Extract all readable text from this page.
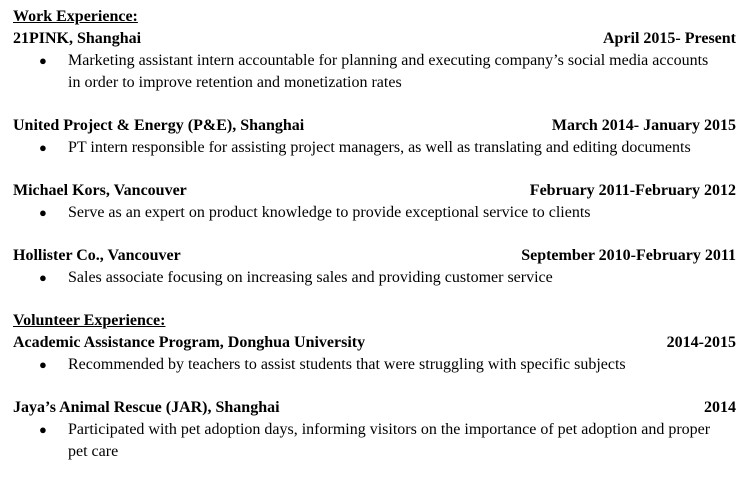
Work Experience:
21PINK, Shanghai	April 2015- Present
● Marketing assistant intern accountable for planning and executing company’s social media accounts in order to improve retention and monetization rates
United Project & Energy (P&E), Shanghai	March 2014- January 2015
● PT intern responsible for assisting project managers, as well as translating and editing documents
Michael Kors, Vancouver	February 2011-February 2012
● Serve as an expert on product knowledge to provide exceptional service to clients
Hollister Co., Vancouver	September 2010-February 2011
● Sales associate focusing on increasing sales and providing customer service
Volunteer Experience:
Academic Assistance Program, Donghua University	2014-2015
● Recommended by teachers to assist students that were struggling with specific subjects
Jaya’s Animal Rescue (JAR), Shanghai	2014
● Participated with pet adoption days, informing visitors on the importance of pet adoption and proper pet care
